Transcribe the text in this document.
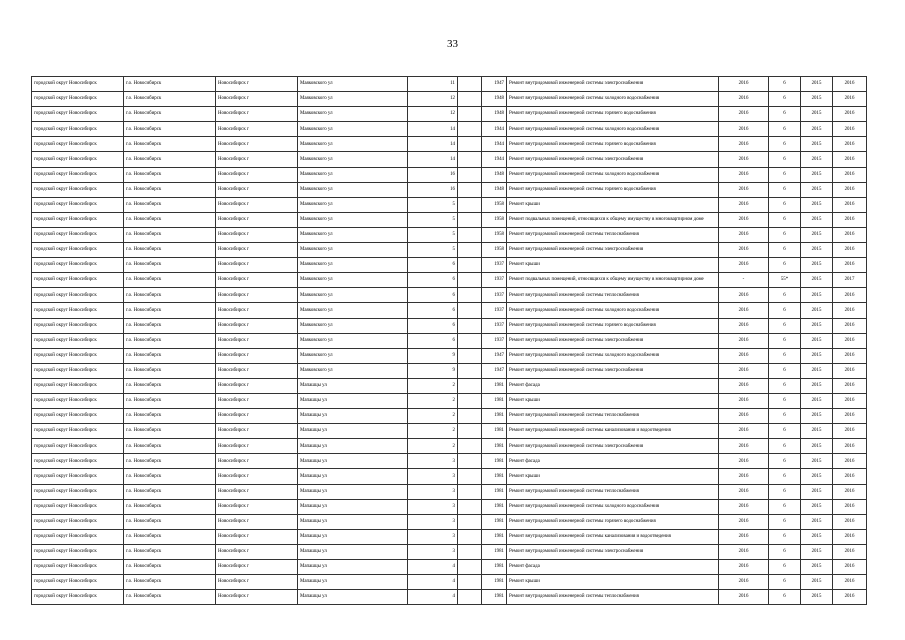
33
городской округ Новосибирск	г.о. Новосибирск	Новосибирск г	Маяковского ул	11		1947	Ремонт внутридомовой инженерной системы электроснабжения	2016	6	2015	2016
городской округ Новосибирск	г.о. Новосибирск	Новосибирск г	Маяковского ул	12		1948	Ремонт внутридомовой инженерной системы холодного водоснабжения	2016	6	2015	2016
городской округ Новосибирск	г.о. Новосибирск	Новосибирск г	Маяковского ул	12		1948	Ремонт внутридомовой инженерной системы горячего водоснабжения	2016	6	2015	2016
городской округ Новосибирск	г.о. Новосибирск	Новосибирск г	Маяковского ул	14		1944	Ремонт внутридомовой инженерной системы холодного водоснабжения	2016	6	2015	2016
городской округ Новосибирск	г.о. Новосибирск	Новосибирск г	Маяковского ул	14		1944	Ремонт внутридомовой инженерной системы горячего водоснабжения	2016	6	2015	2016
городской округ Новосибирск	г.о. Новосибирск	Новосибирск г	Маяковского ул	14		1944	Ремонт внутридомовой инженерной системы электроснабжения	2016	6	2015	2016
городской округ Новосибирск	г.о. Новосибирск	Новосибирск г	Маяковского ул	16		1948	Ремонт внутридомовой инженерной системы холодного водоснабжения	2016	6	2015	2016
городской округ Новосибирск	г.о. Новосибирск	Новосибирск г	Маяковского ул	16		1948	Ремонт внутридомовой инженерной системы горячего водоснабжения	2016	6	2015	2016
городской округ Новосибирск	г.о. Новосибирск	Новосибирск г	Маяковского ул	5		1958	Ремонт крыши	2016	6	2015	2016
городской округ Новосибирск	г.о. Новосибирск	Новосибирск г	Маяковского ул	5		1958	Ремонт подвальных помещений, относящихся к общему имуществу в многоквартирном доме	2016	6	2015	2016
городской округ Новосибирск	г.о. Новосибирск	Новосибирск г	Маяковского ул	5		1958	Ремонт внутридомовой инженерной системы теплоснабжения	2016	6	2015	2016
городской округ Новосибирск	г.о. Новосибирск	Новосибирск г	Маяковского ул	5		1958	Ремонт внутридомовой инженерной системы электроснабжения	2016	6	2015	2016
городской округ Новосибирск	г.о. Новосибирск	Новосибирск г	Маяковского ул	6		1937	Ремонт крыши	2016	6	2015	2016
городской округ Новосибирск	г.о. Новосибирск	Новосибирск г	Маяковского ул	6		1937	Ремонт подвальных помещений, относящихся к общему имуществу в многоквартирном доме	-	55*	2015	2017
городской округ Новосибирск	г.о. Новосибирск	Новосибирск г	Маяковского ул	6		1937	Ремонт внутридомовой инженерной системы теплоснабжения	2016	6	2015	2016
городской округ Новосибирск	г.о. Новосибирск	Новосибирск г	Маяковского ул	6		1937	Ремонт внутридомовой инженерной системы холодного водоснабжения	2016	6	2015	2016
городской округ Новосибирск	г.о. Новосибирск	Новосибирск г	Маяковского ул	6		1937	Ремонт внутридомовой инженерной системы горячего водоснабжения	2016	6	2015	2016
городской округ Новосибирск	г.о. Новосибирск	Новосибирск г	Маяковского ул	6		1937	Ремонт внутридомовой инженерной системы электроснабжения	2016	6	2015	2016
городской округ Новосибирск	г.о. Новосибирск	Новосибирск г	Маяковского ул	9		1947	Ремонт внутридомовой инженерной системы холодного водоснабжения	2016	6	2015	2016
городской округ Новосибирск	г.о. Новосибирск	Новосибирск г	Маяковского ул	9		1947	Ремонт внутридомовой инженерной системы электроснабжения	2016	6	2015	2016
городской округ Новосибирск	г.о. Новосибирск	Новосибирск г	Мапашцы ул	2		1981	Ремонт фасада	2016	6	2015	2016
городской округ Новосибирск	г.о. Новосибирск	Новосибирск г	Мапашцы ул	2		1981	Ремонт крыши	2016	6	2015	2016
городской округ Новосибирск	г.о. Новосибирск	Новосибирск г	Мапашцы ул	2		1981	Ремонт внутридомовой инженерной системы теплоснабжения	2016	6	2015	2016
городской округ Новосибирск	г.о. Новосибирск	Новосибирск г	Мапашцы ул	2		1981	Ремонт внутридомовой инженерной системы канализования и водоотведения	2016	6	2015	2016
городской округ Новосибирск	г.о. Новосибирск	Новосибирск г	Мапашцы ул	2		1981	Ремонт внутридомовой инженерной системы электроснабжения	2016	6	2015	2016
городской округ Новосибирск	г.о. Новосибирск	Новосибирск г	Мапашцы ул	3		1981	Ремонт фасада	2016	6	2015	2016
городской округ Новосибирск	г.о. Новосибирск	Новосибирск г	Мапашцы ул	3		1981	Ремонт крыши	2016	6	2015	2016
городской округ Новосибирск	г.о. Новосибирск	Новосибирск г	Мапашцы ул	3		1981	Ремонт внутридомовой инженерной системы теплоснабжения	2016	6	2015	2016
городской округ Новосибирск	г.о. Новосибирск	Новосибирск г	Мапашцы ул	3		1981	Ремонт внутридомовой инженерной системы холодного водоснабжения	2016	6	2015	2016
городской округ Новосибирск	г.о. Новосибирск	Новосибирск г	Мапашцы ул	3		1981	Ремонт внутридомовой инженерной системы горячего водоснабжения	2016	6	2015	2016
городской округ Новосибирск	г.о. Новосибирск	Новосибирск г	Мапашцы ул	3		1981	Ремонт внутридомовой инженерной системы канализования и водоотведения	2016	6	2015	2016
городской округ Новосибирск	г.о. Новосибирск	Новосибирск г	Мапашцы ул	3		1981	Ремонт внутридомовой инженерной системы электроснабжения	2016	6	2015	2016
городской округ Новосибирск	г.о. Новосибирск	Новосибирск г	Мапашцы ул	4		1981	Ремонт фасада	2016	6	2015	2016
городской округ Новосибирск	г.о. Новосибирск	Новосибирск г	Мапашцы ул	4		1981	Ремонт крыши	2016	6	2015	2016
городской округ Новосибирск	г.о. Новосибирск	Новосибирск г	Мапашцы ул	4		1981	Ремонт внутридомовой инженерной системы теплоснабжения	2016	6	2015	2016
